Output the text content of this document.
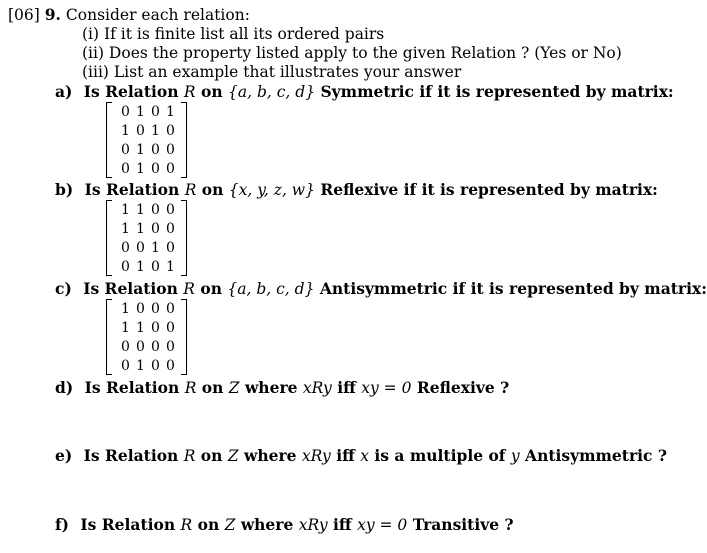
[06] 9. Consider each relation:
(i) If it is finite list all its ordered pairs
(ii) Does the property listed apply to the given Relation ? (Yes or No)
(iii) List an example that illustrates your answer
a) Is Relation R on {a, b, c, d} Symmetric if it is represented by matrix:
0 1 0 1
1 0 1 0
0 1 0 0
0 1 0 0
b) Is Relation R on {x, y, z, w} Reflexive if it is represented by matrix:
1 1 0 0
1 1 0 0
0 0 1 0
0 1 0 1
c) Is Relation R on {a, b, c, d} Antisymmetric if it is represented by matrix:
1 0 0 0
1 1 0 0
0 0 0 0
0 1 0 0
d) Is Relation R on Z where xRy iff xy = 0 Reflexive ?
e) Is Relation R on Z where xRy iff x is a multiple of y Antisymmetric ?
f) Is Relation R on Z where xRy iff xy = 0 Transitive ?
